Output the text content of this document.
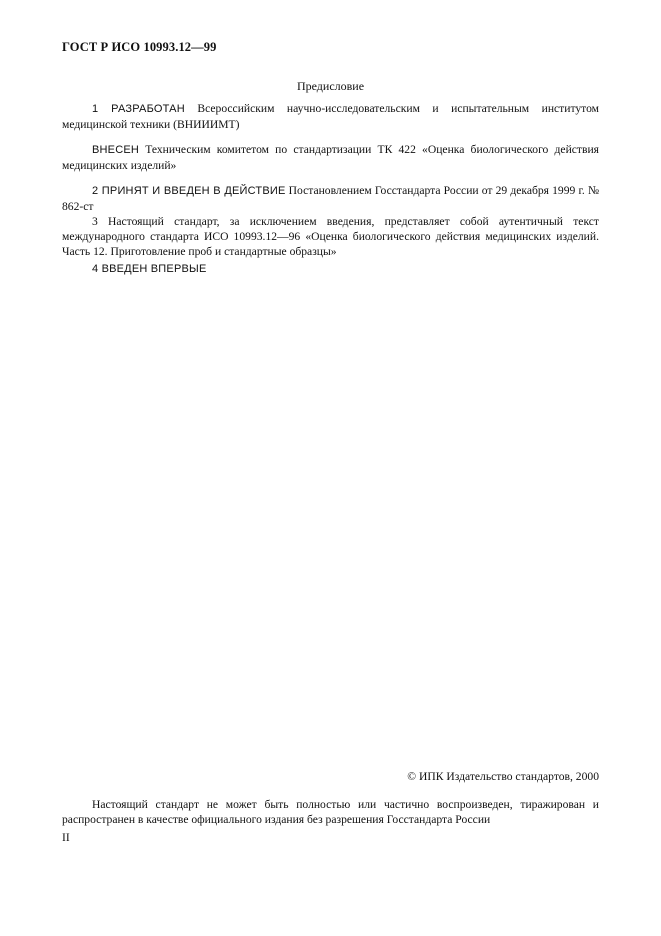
ГОСТ Р ИСО 10993.12—99
Предисловие

1 РАЗРАБОТАН Всероссийским научно-исследовательским и испытательным институтом медицинской техники (ВНИИИМТ)

ВНЕСЕН Техническим комитетом по стандартизации ТК 422 «Оценка биологического действия медицинских изделий»

2 ПРИНЯТ И ВВЕДЕН В ДЕЙСТВИЕ Постановлением Госстандарта России от 29 декабря 1999 г. № 862-ст

3 Настоящий стандарт, за исключением введения, представляет собой аутентичный текст международного стандарта ИСО 10993.12—96 «Оценка биологического действия медицинских изделий. Часть 12. Приготовление проб и стандартные образцы»

4 ВВЕДЕН ВПЕРВЫЕ

© ИПК Издательство стандартов, 2000

Настоящий стандарт не может быть полностью или частично воспроизведен, тиражирован и распространен в качестве официального издания без разрешения Госстандарта России

II
